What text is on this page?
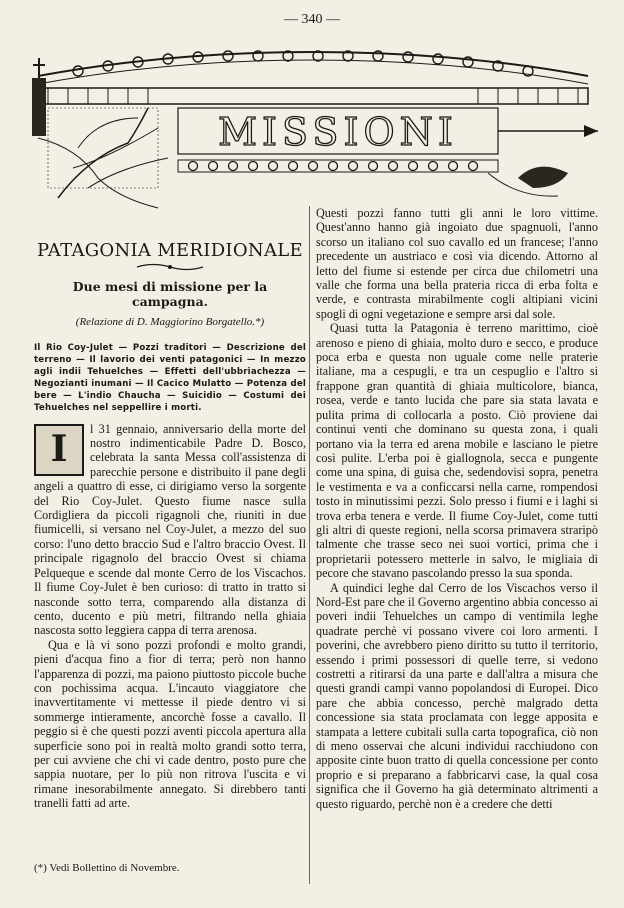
— 340 —
MISSIONI
PATAGONIA MERIDIONALE
Due mesi di missione per la campagna.
(Relazione di D. Maggiorino Borgatello.*)
Il Rio Coy-Julet — Pozzi traditori — Descrizione del terreno — Il lavorio dei venti patagonici — In mezzo agli indii Tehuelches — Effetti dell'ubbriachezza — Negozianti inumani — Il Cacico Mulatto — Potenza del bere — L'indio Chaucha — Suicidio — Costumi dei Tehuelches nel seppellire i morti.
I	l 31 gennaio, anniversario della morte del nostro indimenticabile Padre D. Bosco, celebrata la santa Messa coll'assistenza di parecchie persone e distribuito il pane degli angeli a quattro di esse, ci dirigiamo verso la sorgente del Rio Coy-Julet. Questo fiume nasce sulla Cordigliera da piccoli rigagnoli che, riuniti in due fiumicelli, si versano nel Coy-Julet, a mezzo del suo corso: l'uno detto braccio Sud e l'altro braccio Ovest. Il principale rigagnolo del braccio Ovest si chiama Pelqueque e scende dal monte Cerro de los Viscachos. Il fiume Coy-Julet è ben curioso: di tratto in tratto si nasconde sotto terra, comparendo alla distanza di cento, ducento e più metri, filtrando nella ghiaia nascosta sotto leggiera cappa di terra arenosa.

Qua e là vi sono pozzi profondi e molto grandi, pieni d'acqua fino a fior di terra; però non hanno l'apparenza di pozzi, ma paiono piuttosto piccole buche con pochissima acqua. L'incauto viaggiatore che inavvertitamente vi mettesse il piede dentro vi si sommerge intieramente, ancorchè fosse a cavallo. Il peggio si è che questi pozzi aventi piccola apertura alla superficie sono poi in realtà molto grandi sotto terra, per cui avviene che chi vi cade dentro, posto pure che sappia nuotare, per lo più non ritrova l'uscita e vi rimane inesorabilmente annegato. Si direbbero tanti tranelli fatti ad arte.

Questi pozzi fanno tutti gli anni le loro vittime. Quest'anno hanno già ingoiato due spagnuoli, l'anno scorso un italiano col suo cavallo ed un francese; l'anno precedente un austriaco e così via dicendo. Attorno al letto del fiume si estende per circa due chilometri una valle che forma una bella prateria ricca di erba folta e verde, e contrasta mirabilmente cogli altipiani vicini spogli di ogni vegetazione e sempre arsi dal sole.

Quasi tutta la Patagonia è terreno marittimo, cioè arenoso e pieno di ghiaia, molto duro e secco, e produce poca erba e questa non uguale come nelle praterie italiane, ma a cespugli, e tra un cespuglio e l'altro si frappone gran quantità di ghiaia multicolore, bianca, rosea, verde e tanto lucida che pare sia stata lavata e pulita prima di collocarla a posto. Ciò proviene dai continui venti che dominano su questa zona, i quali portano via la terra ed arena mobile e lasciano le pietre così pulite. L'erba poi è giallognola, secca e pungente come una spina, di guisa che, sedendovisi sopra, penetra le vestimenta e va a conficcarsi nella carne, rompendosi tosto in minutissimi pezzi. Solo presso i fiumi e i laghi si trova erba tenera e verde. Il fiume Coy-Julet, come tutti gli altri di queste regioni, nella scorsa primavera straripò talmente che trasse seco nei suoi vortici, prima che i proprietarii potessero metterle in salvo, le migliaia di pecore che stavano pascolando presso la sua sponda.

A quindici leghe dal Cerro de los Viscachos verso il Nord-Est pare che il Governo argentino abbia concesso ai poveri indii Tehuelches un campo di ventimila leghe quadrate perchè vi possano vivere coi loro armenti. I poverini, che avrebbero pieno diritto su tutto il territorio, essendo i primi possessori di quelle terre, si vedono costretti a ritirarsi da una parte e dall'altra a misura che questi grandi campi vanno popolandosi di Europei. Dico pare che abbia concesso, perchè malgrado detta concessione sia stata proclamata con legge apposita e stampata a lettere cubitali sulla carta topografica, ciò non di meno osservai che alcuni individui racchiudono con apposite cinte buon tratto di quella concessione per conto proprio e si preparano a fabbricarvi case, la qual cosa significa che il Governo ha già determinato altrimenti a questo riguardo, perchè non è a credere che detti

(*) Vedi Bollettino di Novembre.
